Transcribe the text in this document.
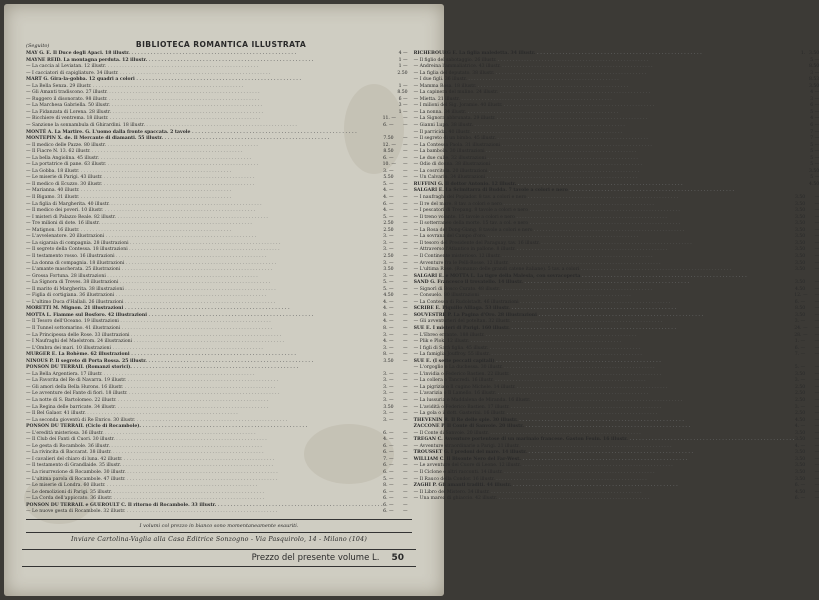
(Seguito)	BIBLIOTECA ROMANTICA ILLUSTRATA
MAY G. E. Il Duce degli Apaci. 18 illustr. . . .	4 —
MAYNE REID. La montagna perduta. 12 illustr. . . .	1 —
— La caccia al Leviatan. 12 illustr. . . .	1 —
— I cacciatori di capigliature. 34 illustr. . . .	2.50
MART G. Gira-la-gobba. 12 quadri a colori . . .
— La Bella Senza. 29 illustr. . . .	1 —
— Gli Amanti tradiscono. 27 illustr. . . .	8.50
— Ruggero il disonorato. 98 illustr. . . .	6 —
— La Marchesa Gabriella. 50 illustr. . . .	3 —
— La Fidanzata di Lorena. 28 illustr. . . .	1 —
— Bicchiere di ventrema. 18 illustr. . . .	11. —	—
— Sanzione la sonnambula di Ghirardini. 18 illustr. . . .	6. —	—
MONTÉ A. La Martire. G. L'uomo dalla fronte spaccata. 2 tavole . . .
MONTEPIN X. de. Il Mercante di diamanti. 55 illustr. . . .	7.50	—
— Il medico delle Pazze. 80 illustr. . . .	12. —	—
— Il Fiacre N. 13. 62 illustr. . . .	8.50	—
— La bella Angiolina. 45 illustr. . . .	6. —	—
— La portatrice di pane. 63 illustr. . . .	10. —	—
— La Gobba. 18 illustr. . . .	3. —	—
— Le miserie di Parigi. 43 illustr. . . .	5.50	—
— Il medico di Ecuzzo. 30 illustr. . . .	5. —	—
— Marianna. 40 illustr. . . .	4. —	—
— Il Bigamo. 31 illustr. . . .	4. —	—
— La figlia di Margherita. 40 illustr. . . .	6. —	—
— Il medico dei poveri. 10 illustr. . . .	4. —	—
— I misteri di Palazzo Reale. 82 illustr. . . .	5. —	—
— Tre milioni di dote. 16 illustr. . . .	2.50	—
— Matignon. 16 illustr. . . .	2.50	—
— L'avvelenatore. 20 illustrazioni . . .	3. —	—
— La sigaraia di compagnia. 28 illustrazioni . . .	3. —	—
— Il segreto della Contessa. 18 illustrazioni . . .	3. —	—
— Il testamento rosso. 16 illustrazioni . . .	2.50	—
— La donna di compagnia. 18 illustrazioni . . .	3. —	—
— L'amante mascherata. 25 illustrazioni . . .	3.50	—
— Grossa Fortuna. 28 illustrazioni . . .	3. —	—
— La Signora di Treves. 38 illustrazioni . . .	5. —	—
— Il marito di Margherita. 38 illustrazioni . . .	5. —	—
— Figlia di cortigiana. 36 illustrazioni . . .	4.50	—
— L'ultimo Duca d'Hallali. 26 illustrazioni . . .	4. —	—
MORETTI M. Mignon. 21 illustrazioni . . .	4. —	—
MOTTA L. Fiamme sul Bosforo. 42 illustrazioni . . .	8. —	—
— Il Tesoro dell'Oceano. 19 illustrazioni . . .	4. —	—
— Il Tunnel sottomarino. 41 illustrazioni . . .	8. —	—
— La Principessa delle Rose. 33 illustrazioni . . .	3. —	—
— I Naufraghi del Maelstrom. 24 illustrazioni . . .	4. —	—
— L'Ombra dei mari. 10 illustrazioni . . .	3. —	—
MURGER E. La Bohème. 62 illustrazioni . . .	8. —	—
NINOUS P. Il segreto di Porta Rossa. 25 illustr. . . .	3.50	—
PONSON DU TERRAIL (Romanzi storici). . . .
— La Bella Argentiera. 17 illustr. . . .	3. —	—
— La Favorita del Re di Navarra. 19 illustr. . . .	3. —	—
— Gli amori della Bella Hurons. 16 illustr. . . .	3. —	—
— Le avventure del Fante di fiori. 18 illustr. . . .	3. —	—
— La notte di S. Bartolomeo. 22 illustr. . . .	3. —	—
— La Regina delle barricate. 34 illustr. . . .	3.50	—
— Il Bel Galaor. 41 illustr. . . .	3. —	—
— La seconda gioventù di Re Enrico. 30 illustr. . . .	3. —	—
PONSON DU TERRAIL (Ciclo di Rocambole). . . .
— L'eredità misteriosa. 36 illustr. . . .	6. —	—
— Il Club dei Fanti di Cuori. 30 illustr. . . .	4. —	—
— Le gesta di Rocambole. 36 illustr. . . .	6. —	—
— La rivincita di Baccarat. 38 illustr. . . .	6. —	—
— I cavalieri del chiaro di luna. 42 illustr. . . .	7. —	—
— Il testamento di Grandlaide. 35 illustr. . . .	6. —	—
— La risurrezione di Rocambole. 30 illustr. . . .	6. —	—
— L'ultima parola di Rocambole. 47 illustr. . . .	5. —	—
— Le miserie di Londra. 60 illustr. . . .	8. —	—
— Le demolizioni di Parigi. 35 illustr. . . .	6. —	—
— La Corda dell'appiccato. 36 illustr. . . .	6. —	—
PONSON DU TERRAIL e GUEROULT C. Il ritorno di Rocambole. 33 illustr. . . .	6. —	—
— Le nuove gesta di Rocambole. 32 illustr. . . .	6. —	—
RICHEBOURG E. La figlia maledetta. 34 illustr. . . .	1. 3.50
— Il figlio del sabotaggio. 26 illustr. . . .	5 —
— Andreina l'ammaliatrice. 43 illustr. . . .	8.50
— La figlia del deputato. 38 illustr. . . .	3 —
— I due figli. 36 illustr. . . .	8.53
— Mamma Rosa. 18 illustr. . . .	3.50
— La capinera del mulino. 24 illustr. . . .	4 —
— Mietta. 21 illustr. . . .	3 —
— I milioni del Sig. Joramie. 40 illustr. . . .	6 —
— La nonna. 34 illustr. . . .	5 —
— La Signora abbrunata. 29 illustr. . . .	4 —
— Gianni Lupo. 38 illustr. . . .	6 —
— Il parricida. 40 illustr. . . .	7 —
— Il segreto di un bimbo. 45 illustr. . . .	7 —
— La Contessa Paola. 31 illustrazioni . . .	5 —
— La bambola. 30 illustrazioni . . .	5 —
— Le due culle. 32 illustrazioni . . .	5 —
— Odio di donna. 38 illustrazioni . . .	5 —
— La cosrcitola. 20 illustrazioni . . .	3.50
— Un Calvario. 34 illustrazioni . . .	5 —
RUFFINI G. Il dottor Antonio. 12 illustr. . . .	4.50
SALGARI E. La Scimitarra di Budda. 7 tavole a colori e nero . . .
— I naufraghi del Poplador. 8 tav. a colori e nero . . .	3.50	—
— Il re del mare. 8 tav. a colori e nero . . .	3.50	—
— I pescatori di Trepang. 8 tavole a colori e nero . . .	3.50	—
— Il treno volante. 15 tavole a colori e nero . . .	3.50	—
— Il sotterraneo della morte. 15 tav. a col. e nero . . .	3.50	—
— La Rosa del Dong-Giang. 8 tavole a colori e nero . . .	3.50	—
— La sovrana del Campo d'oro. . . .	3.50	—
— Il tesoro del Presidente del Paraguay, tav. 16 illustr. . . .	3.50	—
— Attraverso l'Atlantico in pallone. 8 illustr. . . .	3.50	—
— Il Continente misterioso. 12 illustr. . . .	3.50	—
— Avventure fra le Pelli-Rosse. 12 illustr. . . .	3.50	—
— L'ultima Rose. (Romanzo delle grandi catene italiane). 5 tav. a colori . . .	3.50	—
SALGARI E. e MOTTA L. La tigre della Malesia, con sovracoperta . . .
SAND G. Francesco il trovatello. 14 illustr. . . .	3.50	—
— Signorì di Bosco Curato. 48 illustr. . . .	4.50	—
— Consuelo. 80 illustrazioni . . .	12. —	—
— La Contessa di Rudolstadt. 46 illustrazioni . . .	6. —	—
SCRIBE E. Piquillo Alliaga. 53 illustr. . . .	8.50	—
SOUVESTRE P. La Pagina d'Oro. 28 illustrazioni . . .	3.50	—
— Gli avventurieri del poteltan. 32 illustr. . . .	3. —	—
SUE E. I misteri di Parigi. 160 illustr. . . .	24. —	—
— L'Ebreo errante. 188 illustr. . . .	28. —	—
— Plik e Plok. 12 illustr. . . .	1. —	—
— I figli di Sarà figlia. 45 illustr. . . .	6. —	—
— La famiglia Jouffroy. 55 illustr. . . .	7. —	—
SUE E. (I sette peccati capitali) . . .
— L'orgoglio o La duchessa. 30 illustr. . . .	5. —	—
— L'invidia o Federico Bastien. 22 illustr. . . .	3.50	—
— La collera o Tancredi. 16 illustr. . . .	3. —	—
— La pigrizia o Il cugino Michele. 14 illustr. . . .	2.50	—
— L'avarizia o Il Lamello. 16 illustr. . . .	2.50	—
— La lussuria o Maddalena de Miranda. 16 illustr. . . .	2.50	—
— L'avidità o Federico Bastien. 17 illustr. . . .	3. —	—
— La gola o il dott. Gasterini. 16 illustr. . . .	2.50	—
THEVENIN R. Il Re delle spie. 30 illustr. . . .	4.50	—
ZACCONE P. Il Conte di Sanvoie. 20 illustr. . . .	4. —	—
— Il Conte di Sanvoie. 20 illustr. . . .	3.50	—
TREGAN C. Avventure portentose di un marinaio francese. Gaston Feuin. 16 illustr. . . .	3.50	—
— Avventure straordinarie a Parigi. 21 illustr. . . .	4. —	—
TROUSSET G. I predoni del mare. 14 illustr. . . .	3.50	—
WILLIAM C. Il Bisonte Nero del Far-West. . . .	3.50	—
— Le avventure del Cuore di Leone. 12 illustr. . . .	3.50	—
— Il Ciclone e altri racconti. 14 illustr. . . .	3.50	—
— Il Rauco della Condor. 16 illustr. . . .	3.50	—
ZAGHI P. Gli amanti traditi. 44 illustr. . . .	6. —	—
— Il Libro del Mistero. 34 illustr. . . .	4.50	—
— Una marea di ghiaccio. 42 illustr. . . .	6. —	—
I volumi col prezzo in bianco sono momentaneamente esauriti.
Inviare Cartolina-Vaglia alla Casa Editrice Sonzogno - Via Pasquirolo, 14 - Milano (104)
Prezzo del presente volume L. 50
